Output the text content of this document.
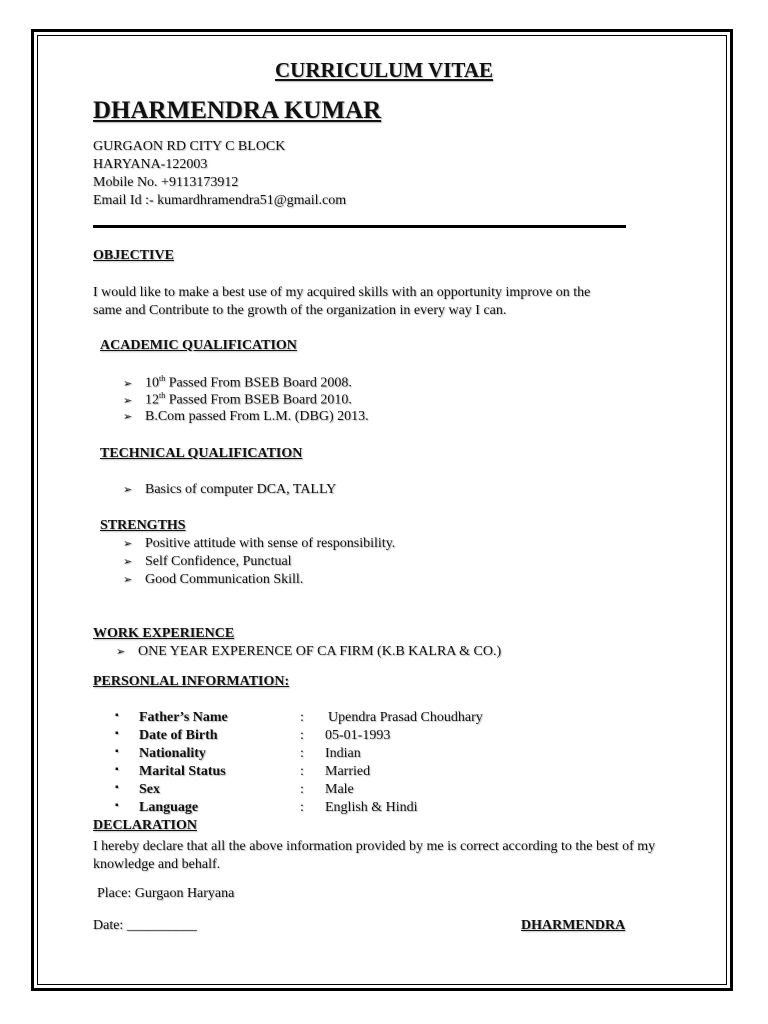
CURRICULUM VITAE
DHARMENDRA KUMAR
GURGAON RD CITY C BLOCK
HARYANA-122003
Mobile No. +9113173912
Email Id :- kumardhramendra51@gmail.com
OBJECTIVE
I would like to make a best use of my acquired skills with an opportunity improve on the
same and Contribute to the growth of the organization in every way I can.
ACADEMIC QUALIFICATION
➢ 10th Passed From BSEB Board 2008.
➢ 12th Passed From BSEB Board 2010.
➢ B.Com passed From L.M. (DBG) 2013.
TECHNICAL QUALIFICATION
➢ Basics of computer DCA, TALLY
STRENGTHS
➢ Positive attitude with sense of responsibility.
➢ Self Confidence, Punctual
➢ Good Communication Skill.
WORK EXPERIENCE
➢ ONE YEAR EXPERENCE OF CA FIRM (K.B KALRA & CO.)
PERSONLAL INFORMATION:
▪ Father’s Name	: Upendra Prasad Choudhary
▪ Date of Birth	: 05-01-1993
▪ Nationality	: Indian
▪ Marital Status	: Married
▪ Sex	: Male
▪ Language	: English & Hindi
DECLARATION
I hereby declare that all the above information provided by me is correct according to the best of my
knowledge and behalf.
Place: Gurgaon Haryana
Date: __________	DHARMENDRA
